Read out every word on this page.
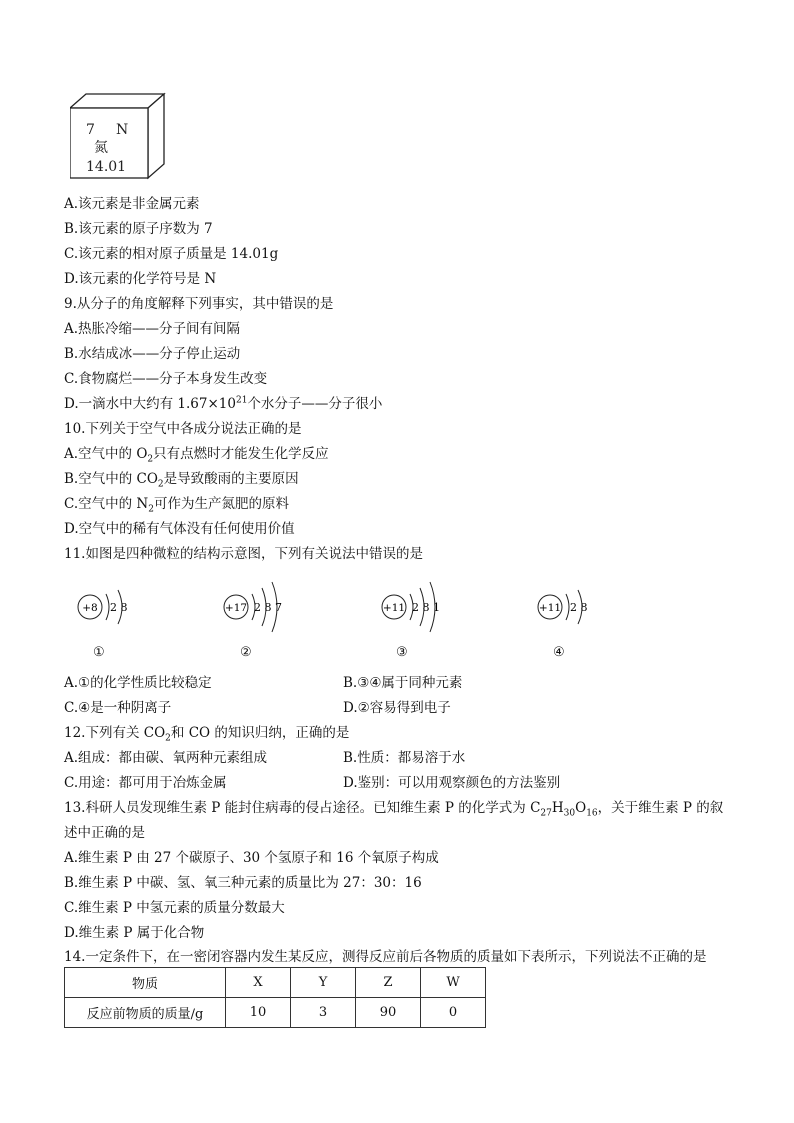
7 N
氮
14.01
A.该元素是非金属元素
B.该元素的原子序数为 7
C.该元素的相对原子质量是 14.01g
D.该元素的化学符号是 N
9.从分子的角度解释下列事实，其中错误的是
A.热胀冷缩——分子间有间隔
B.水结成冰——分子停止运动
C.食物腐烂——分子本身发生改变
D.一滴水中大约有 $1.67\times 10^{21}$个水分子——分子很小
10.下列关于空气中各成分说法正确的是
A.空气中的 $O_2$只有点燃时才能发生化学反应
B.空气中的 $CO_2$是导致酸雨的主要原因
C.空气中的 $N_2$可作为生产氮肥的原料
D.空气中的稀有气体没有任何使用价值
11.如图是四种微粒的结构示意图，下列有关说法中错误的是
+8 2 8
①
+17 2 8 7
②
+11 2 8 1
③
+11 2 8
④
A.①的化学性质比较稳定	B.③④属于同种元素
C.④是一种阴离子	D.②容易得到电子
12.下列有关 $CO_2$和 CO 的知识归纳，正确的是
A.组成：都由碳、氧两种元素组成	B.性质：都易溶于水
C.用途：都可用于冶炼金属	D.鉴别：可以用观察颜色的方法鉴别
13.科研人员发现维生素 P 能封住病毒的侵占途径。已知维生素 P 的化学式为 $C_{27}H_{30}O_{16}$，关于维生素 P 的叙
述中正确的是
A.维生素 P 由 27 个碳原子、30 个氢原子和 16 个氧原子构成
B.维生素 P 中碳、氢、氧三种元素的质量比为 27：30：16
C.维生素 P 中氢元素的质量分数最大
D.维生素 P 属于化合物
14.一定条件下，在一密闭容器内发生某反应，测得反应前后各物质的质量如下表所示，下列说法不正确的是
物质	X	Y	Z	W
反应前物质的质量/g	10	3	90	0
